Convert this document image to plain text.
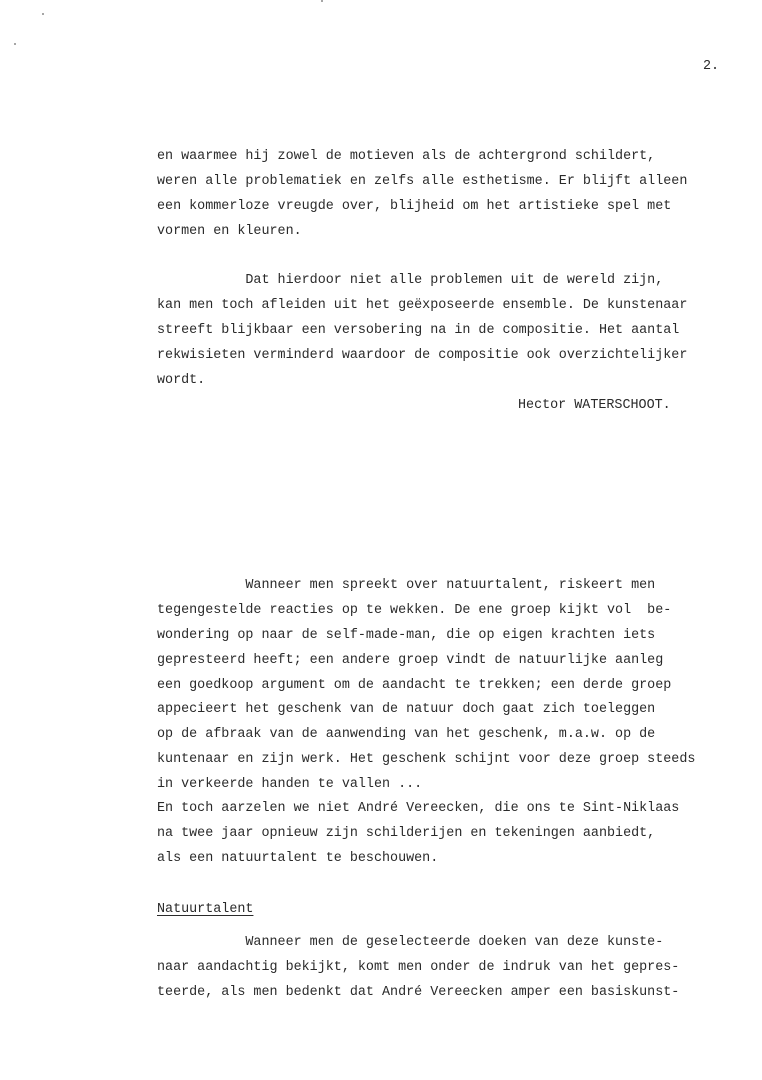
2.
en waarmee hij zowel de motieven als de achtergrond schildert,
weren alle problematiek en zelfs alle esthetisme. Er blijft alleen
een kommerloze vreugde over, blijheid om het artistieke spel met
vormen en kleuren.
Dat hierdoor niet alle problemen uit de wereld zijn,
kan men toch afleiden uit het geëxposeerde ensemble. De kunstenaar
streeft blijkbaar een versobering na in de compositie. Het aantal
rekwisieten verminderd waardoor de compositie ook overzichtelijker
wordt.
Hector WATERSCHOOT.
Wanneer men spreekt over natuurtalent, riskeert men
tegengestelde reacties op te wekken. De ene groep kijkt vol  be-
wondering op naar de self-made-man, die op eigen krachten iets
gepresteerd heeft; een andere groep vindt de natuurlijke aanleg
een goedkoop argument om de aandacht te trekken; een derde groep
appecieert het geschenk van de natuur doch gaat zich toeleggen
op de afbraak van de aanwending van het geschenk, m.a.w. op de
kuntenaar en zijn werk. Het geschenk schijnt voor deze groep steeds
in verkeerde handen te vallen ...
En toch aarzelen we niet André Vereecken, die ons te Sint-Niklaas
na twee jaar opnieuw zijn schilderijen en tekeningen aanbiedt,
als een natuurtalent te beschouwen.
Natuurtalent
Wanneer men de geselecteerde doeken van deze kunste-
naar aandachtig bekijkt, komt men onder de indruk van het gepres-
teerde, als men bedenkt dat André Vereecken amper een basiskunst-
